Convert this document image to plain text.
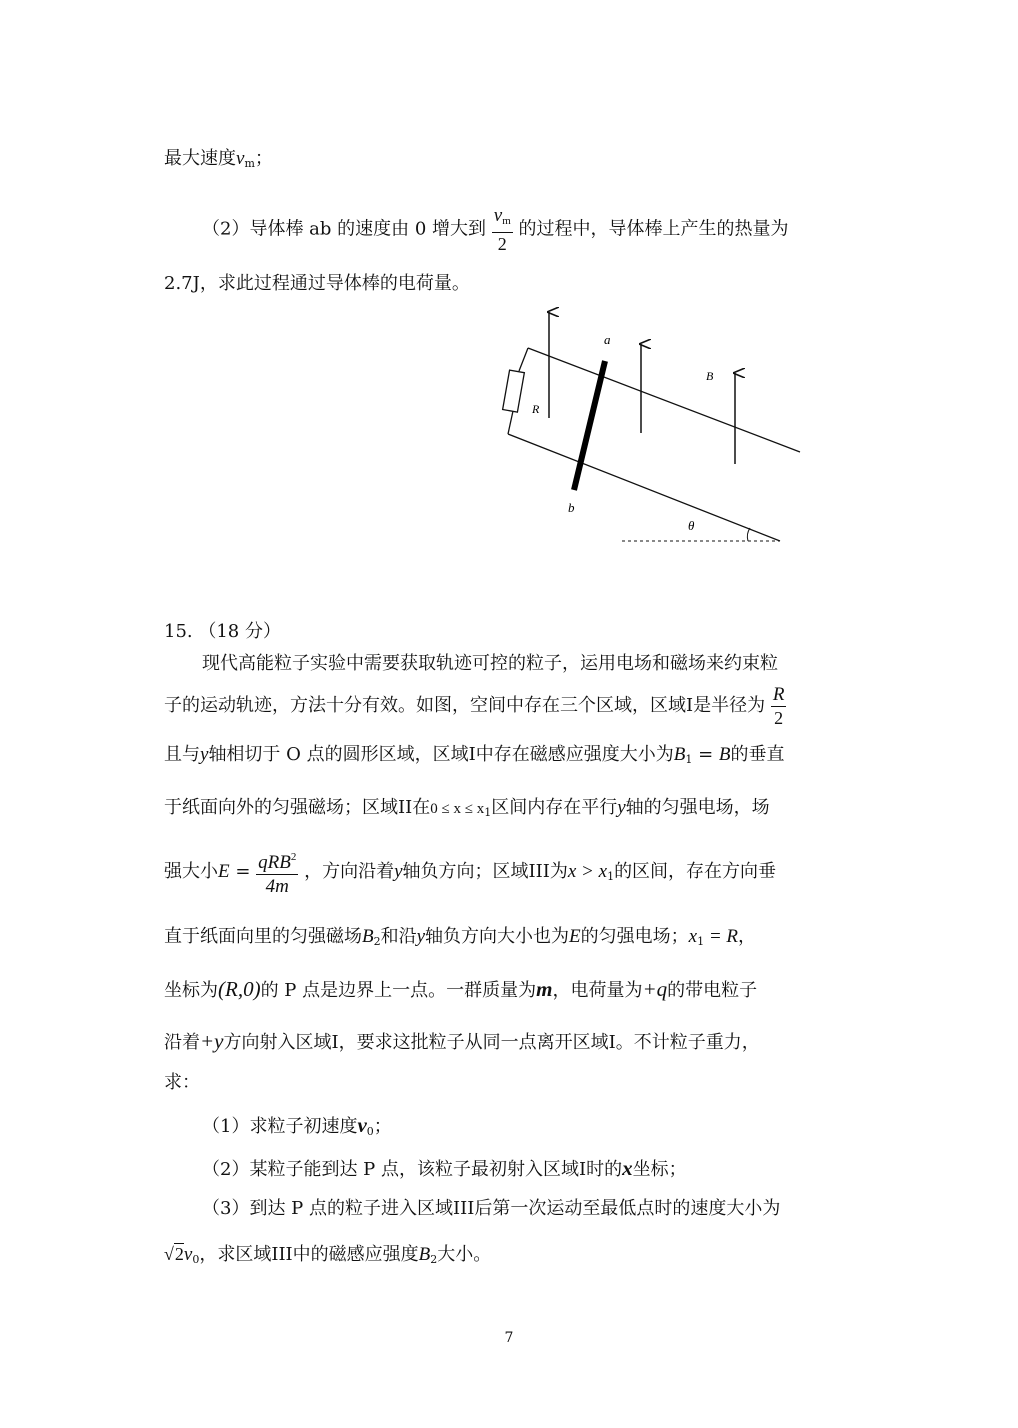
最大速度$v_m$；
（2）导体棒 ab 的速度由 0 增大到 $\frac{v_m}{2}$ 的过程中，导体棒上产生的热量为
2.7J，求此过程通过导体棒的电荷量。
a
b
R
B
θ
15. （18 分）
现代高能粒子实验中需要获取轨迹可控的粒子，运用电场和磁场来约束粒
子的运动轨迹，方法十分有效。如图，空间中存在三个区域，区域I是半径为 $\frac{R}{2}$
且与y轴相切于 O 点的圆形区域，区域I中存在磁感应强度大小为$B_1 = B$的垂直
于纸面向外的匀强磁场；区域II在$0 \le x \le x_1$区间内存在平行y轴的匀强电场，场
强大小$E = \frac{qRB^2}{4m}$ ，方向沿着y轴负方向；区域III为$x > x_1$的区间，存在方向垂
直于纸面向里的匀强磁场$B_2$和沿y轴负方向大小也为E的匀强电场；$x_1 = R$，
坐标为(R,0)的 P 点是边界上一点。一群质量为m，电荷量为+q的带电粒子
沿着+y方向射入区域I，要求这批粒子从同一点离开区域I。不计粒子重力，
求：
（1）求粒子初速度$v_0$；
（2）某粒子能到达 P 点，该粒子最初射入区域I时的x坐标；
（3）到达 P 点的粒子进入区域III后第一次运动至最低点时的速度大小为
$√2v_0$，求区域III中的磁感应强度$B_2$大小。
7
